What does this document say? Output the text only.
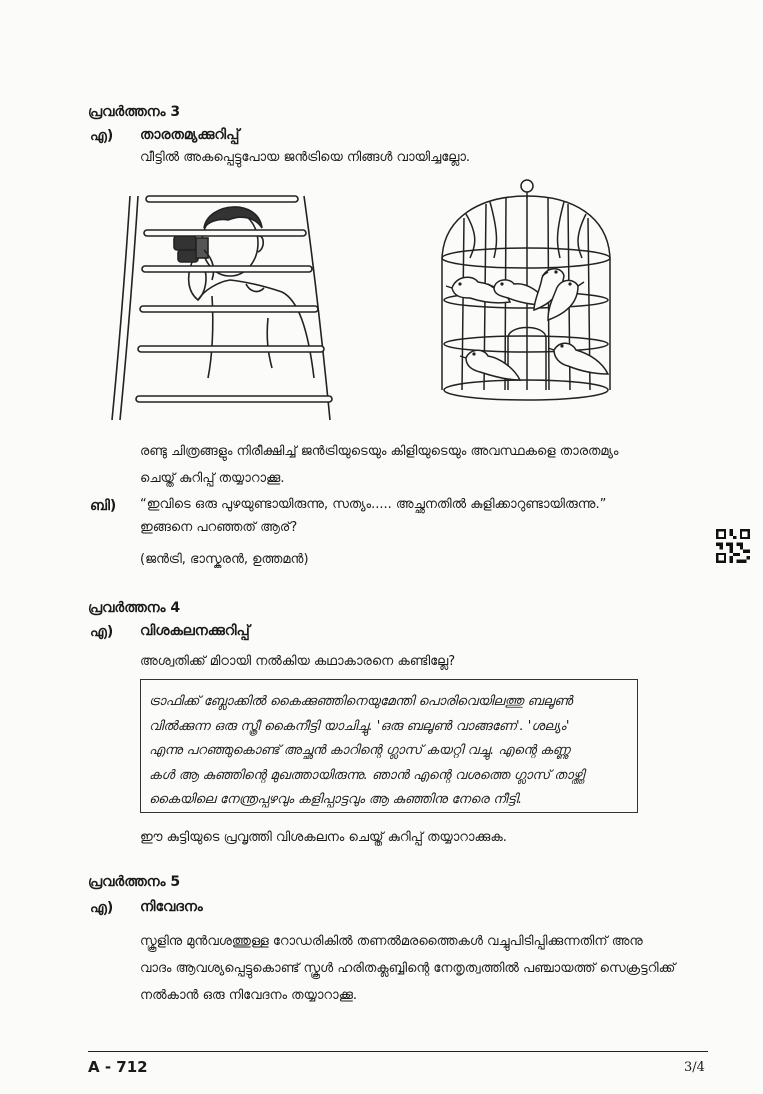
പ്രവർത്തനം 3
എ) താരതമ്യക്കുറിപ്പ്
വീട്ടിൽ അകപ്പെട്ടുപോയ ജൻട്രിയെ നിങ്ങൾ വായിച്ചല്ലോ.
രണ്ടു ചിത്രങ്ങളും നിരീക്ഷിച്ച് ജൻട്രിയുടെയും കിളിയുടെയും അവസ്ഥകളെ താരതമ്യം
ചെയ്ത് കുറിപ്പ് തയ്യാറാക്കൂ.
ബി) “ഇവിടെ ഒരു പുഴയുണ്ടായിരുന്നു, സത്യം..... അച്ഛനതിൽ കുളിക്കാറുണ്ടായിരുന്നു.”
ഇങ്ങനെ പറഞ്ഞത് ആര്?
(ജൻട്രി, ഭാസ്കരൻ, ഉത്തമൻ)
പ്രവർത്തനം 4
എ) വിശകലനക്കുറിപ്പ്
അശ്വതിക്ക് മിഠായി നൽകിയ കഥാകാരനെ കണ്ടില്ലേ?
ട്രാഫിക്ക് ബ്ലോക്കിൽ കൈക്കുഞ്ഞിനെയുമേന്തി പൊരിവെയിലത്തു ബലൂൺ
വിൽക്കുന്ന ഒരു സ്ത്രീ കൈനീട്ടി യാചിച്ചു. 'ഒരു ബലൂൺ വാങ്ങണേ'. 'ശല്യം'
എന്നു പറഞ്ഞുകൊണ്ട് അച്ഛൻ കാറിന്റെ ഗ്ലാസ് കയറ്റി വച്ചു. എന്റെ കണ്ണു
കൾ ആ കുഞ്ഞിന്റെ മുഖത്തായിരുന്നു. ഞാൻ എന്റെ വശത്തെ ഗ്ലാസ് താഴ്ത്തി
കൈയിലെ നേന്ത്രപ്പഴവും കളിപ്പാട്ടവും ആ കുഞ്ഞിനു നേരെ നീട്ടി.
ഈ കുട്ടിയുടെ പ്രവൃത്തി വിശകലനം ചെയ്ത് കുറിപ്പ് തയ്യാറാക്കുക.
പ്രവർത്തനം 5
എ) നിവേദനം
സ്കൂളിനു മുൻവശത്തുള്ള റോഡരികിൽ തണൽമരത്തൈകൾ വച്ചുപിടിപ്പിക്കുന്നതിന് അനു
വാദം ആവശ്യപ്പെട്ടുകൊണ്ട് സ്കൂൾ ഹരിതക്ലബ്ബിന്റെ നേതൃത്വത്തിൽ പഞ്ചായത്ത് സെക്രട്ടറിക്ക്
നൽകാൻ ഒരു നിവേദനം തയ്യാറാക്കൂ.
A - 712	3/4
